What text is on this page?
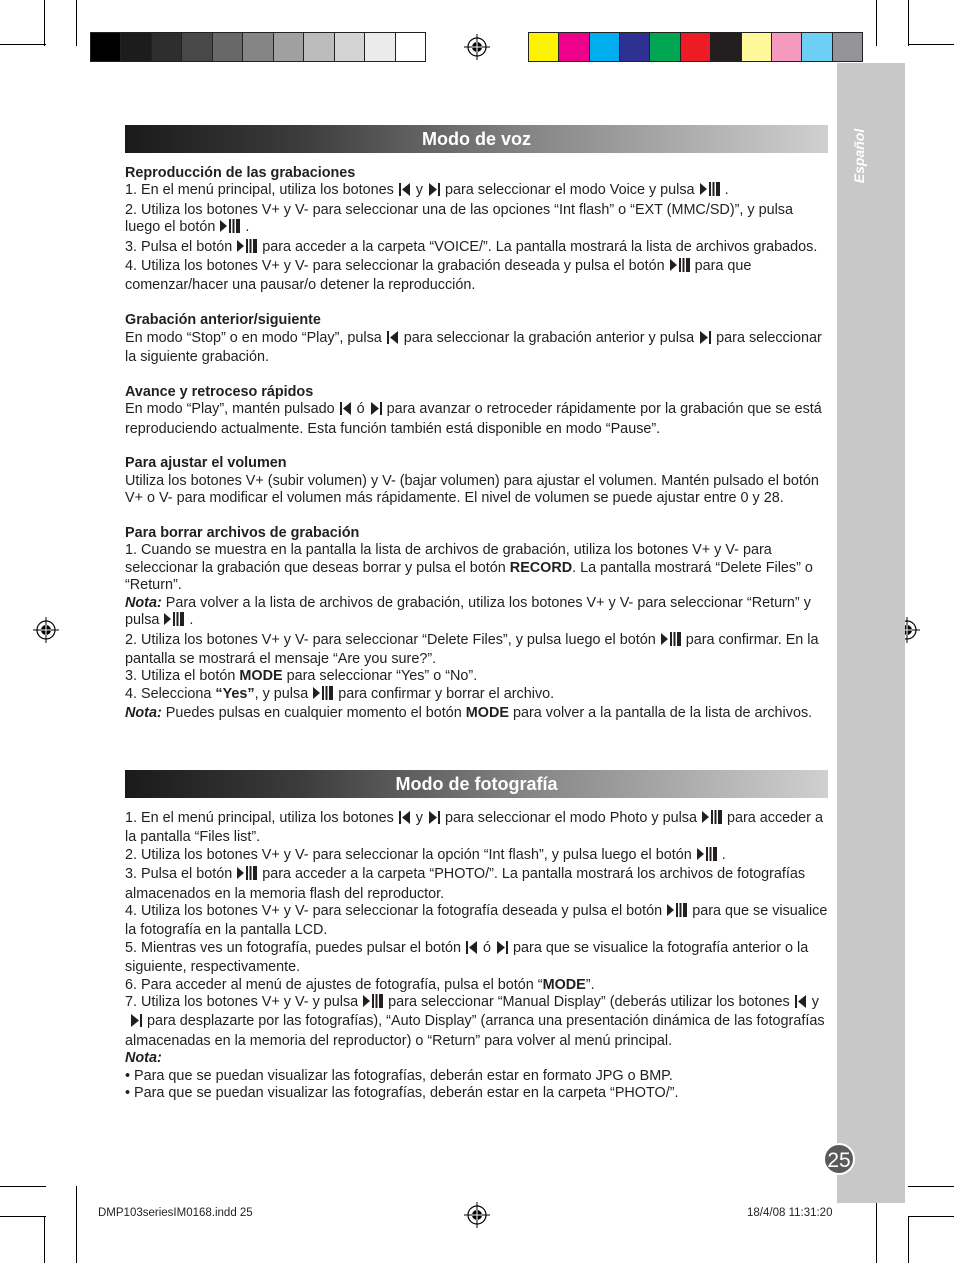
Español
25
Modo de voz

Reproducción de las grabaciones

1. En el menú principal, utiliza los botones y para seleccionar el modo Voice y pulsa .

2. Utiliza los botones V+ y V- para seleccionar una de las opciones “Int flash” o “EXT (MMC/SD)”, y pulsa luego el botón .

3. Pulsa el botón para acceder a la carpeta “VOICE/”. La pantalla mostrará la lista de archivos grabados.

4. Utiliza los botones V+ y V- para seleccionar la grabación deseada y pulsa el botón para que comenzar/hacer una pausar/o detener la reproducción.

Grabación anterior/siguiente

En modo “Stop” o en modo “Play”, pulsa para seleccionar la grabación anterior y pulsa para seleccionar la siguiente grabación.

Avance y retroceso rápidos

En modo “Play”, mantén pulsado ó para avanzar o retroceder rápidamente por la grabación que se está reproduciendo actualmente. Esta función también está disponible en modo “Pause”.

Para ajustar el volumen

Utiliza los botones V+ (subir volumen) y V- (bajar volumen) para ajustar el volumen. Mantén pulsado el botón V+ o V- para modificar el volumen más rápidamente. El nivel de volumen se puede ajustar entre 0 y 28.

Para borrar archivos de grabación

1. Cuando se muestra en la pantalla la lista de archivos de grabación, utiliza los botones V+ y V- para seleccionar la grabación que deseas borrar y pulsa el botón RECORD. La pantalla mostrará “Delete Files” o “Return”.

Nota: Para volver a la lista de archivos de grabación, utiliza los botones V+ y V- para seleccionar “Return” y pulsa .

2. Utiliza los botones V+ y V- para seleccionar “Delete Files”, y pulsa luego el botón para confirmar. En la pantalla se mostrará el mensaje “Are you sure?”.

3. Utiliza el botón MODE para seleccionar “Yes” o “No”.

4. Selecciona “Yes”, y pulsa para confirmar y borrar el archivo.

Nota: Puedes pulsas en cualquier momento el botón MODE para volver a la pantalla de la lista de archivos.

Modo de fotografía

1. En el menú principal, utiliza los botones y para seleccionar el modo Photo y pulsa para acceder a la pantalla “Files list”.

2. Utiliza los botones V+ y V- para seleccionar la opción “Int flash”, y pulsa luego el botón .

3. Pulsa el botón para acceder a la carpeta “PHOTO/”. La pantalla mostrará los archivos de fotografías almacenados en la memoria flash del reproductor.

4. Utiliza los botones V+ y V- para seleccionar la fotografía deseada y pulsa el botón para que se visualice la fotografía en la pantalla LCD.

5. Mientras ves un fotografía, puedes pulsar el botón ó para que se visualice la fotografía anterior o la siguiente, respectivamente.

6. Para acceder al menú de ajustes de fotografía, pulsa el botón “MODE”.

7. Utiliza los botones V+ y V- y pulsa para seleccionar “Manual Display” (deberás utilizar los botones ypara desplazarte por las fotografías), “Auto Display” (arranca una presentación dinámica de las fotografías almacenadas en la memoria del reproductor) o “Return” para volver al menú principal.

Nota:

• Para que se puedan visualizar las fotografías, deberán estar en formato JPG o BMP.

• Para que se puedan visualizar las fotografías, deberán estar en la carpeta “PHOTO/”.

DMP103seriesIM0168.indd 25	18/4/08 11:31:20
